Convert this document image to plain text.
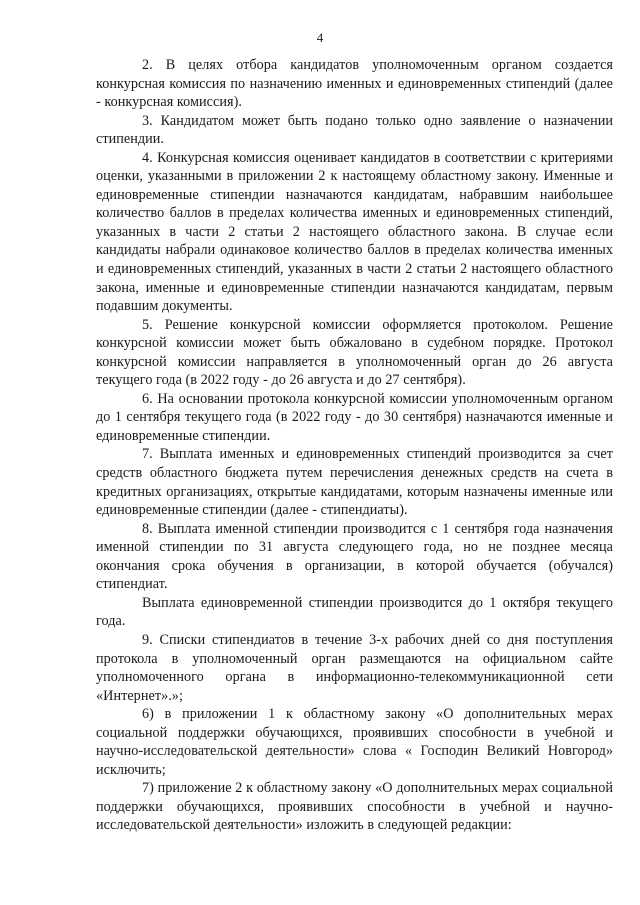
4

2. В целях отбора кандидатов уполномоченным органом создается конкурсная комиссия по назначению именных и единовременных стипендий (далее - конкурсная комиссия).

3. Кандидатом может быть подано только одно заявление о назначении стипендии.

4. Конкурсная комиссия оценивает кандидатов в соответствии с критериями оценки, указанными в приложении 2 к настоящему областному закону. Именные и единовременные стипендии назначаются кандидатам, набравшим наибольшее количество баллов в пределах количества именных и единовременных стипендий, указанных в части 2 статьи 2 настоящего областного закона. В случае если кандидаты набрали одинаковое количество баллов в пределах количества именных и единовременных стипендий, указанных в части 2 статьи 2 настоящего областного закона, именные и единовременные стипендии назначаются кандидатам, первым подавшим документы.

5. Решение конкурсной комиссии оформляется протоколом. Решение конкурсной комиссии может быть обжаловано в судебном порядке. Протокол конкурсной комиссии направляется в уполномоченный орган до 26 августа текущего года (в 2022 году - до 26 августа и до 27 сентября).

6. На основании протокола конкурсной комиссии уполномоченным органом до 1 сентября текущего года (в 2022 году - до 30 сентября) назначаются именные и единовременные стипендии.

7. Выплата именных и единовременных стипендий производится за счет средств областного бюджета путем перечисления денежных средств на счета в кредитных организациях, открытые кандидатами, которым назначены именные или единовременные стипендии (далее - стипендиаты).

8. Выплата именной стипендии производится с 1 сентября года назначения именной стипендии по 31 августа следующего года, но не позднее месяца окончания срока обучения в организации, в которой обучается (обучался) стипендиат.

Выплата единовременной стипендии производится до 1 октября текущего года.

9. Списки стипендиатов в течение 3-х рабочих дней со дня поступления протокола в уполномоченный орган размещаются на официальном сайте уполномоченного органа в информационно-телекоммуникационной сети «Интернет».»;

6) в приложении 1 к областному закону «О дополнительных мерах социальной поддержки обучающихся, проявивших способности в учебной и научно-исследовательской деятельности» слова « Господин Великий Новгород» исключить;

7) приложение 2 к областному закону «О дополнительных мерах социальной поддержки обучающихся, проявивших способности в учебной и научно-исследовательской деятельности» изложить в следующей редакции:
